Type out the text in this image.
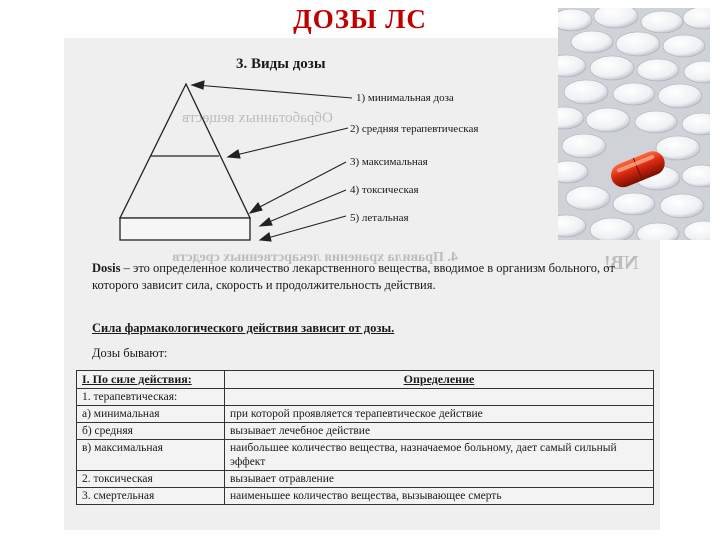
ДОЗЫ ЛС
Обработанных веществ
4. Правила хранения лекарственных средств	NB!
3. Виды дозы
1) минимальная доза
2) средняя терапевтическая
3) максимальная
4) токсическая
5) летальная
Dosis – это определенное количество лекарственного вещества, вводимое в организм больного, от которого зависит сила, скорость и продолжительность действия.
Сила фармакологического действия зависит от дозы.
Дозы бывают:
I. По силе действия:	Определение
1. терапевтическая:	
а) минимальная	при которой проявляется терапевтическое действие
б) средняя	вызывает лечебное действие
в) максимальная	наибольшее количество вещества, назначаемое больному, дает самый сильный эффект
2. токсическая	вызывает отравление
3. смертельная	наименьшее количество вещества, вызывающее смерть
